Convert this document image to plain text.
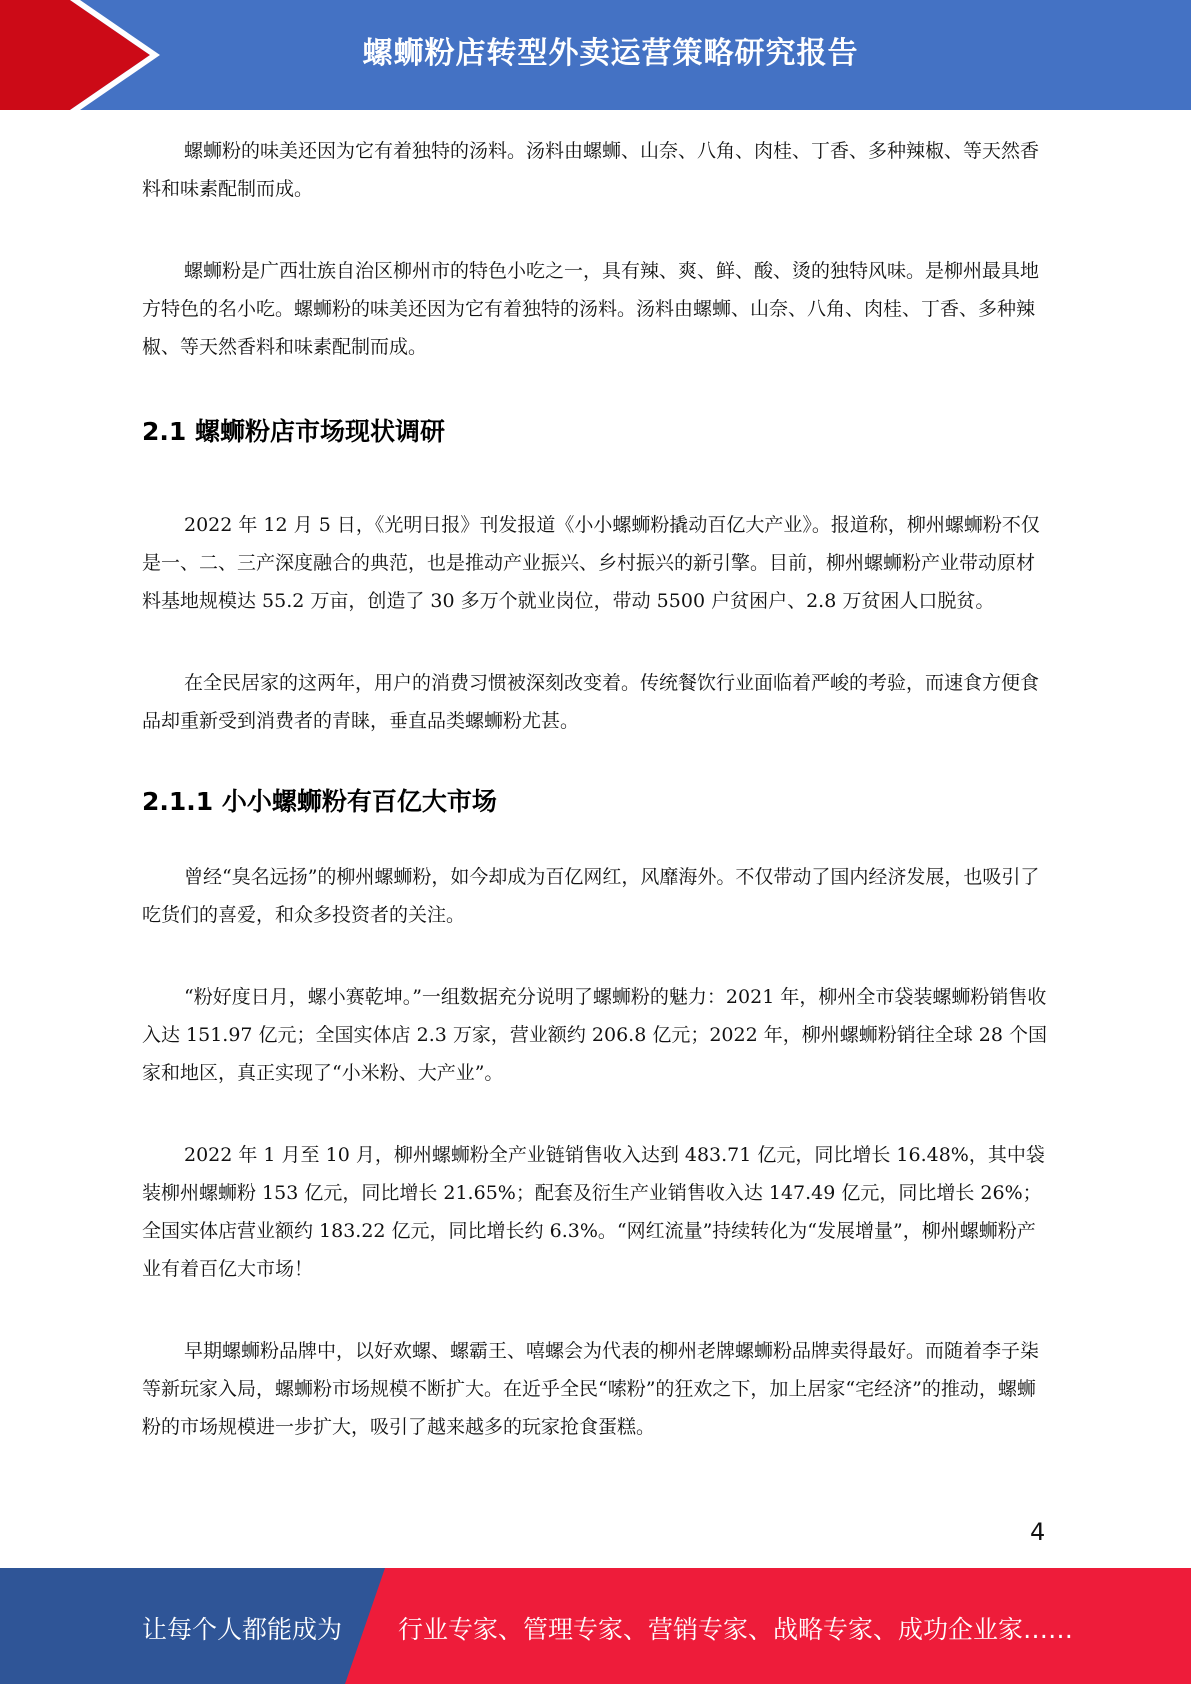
螺蛳粉店转型外卖运营策略研究报告

螺蛳粉的味美还因为它有着独特的汤料。汤料由螺蛳、山奈、八角、肉桂、丁香、多种辣椒、等天然香料和味素配制而成。

螺蛳粉是广西壮族自治区柳州市的特色小吃之一，具有辣、爽、鲜、酸、烫的独特风味。是柳州最具地方特色的名小吃。螺蛳粉的味美还因为它有着独特的汤料。汤料由螺蛳、山奈、八角、肉桂、丁香、多种辣椒、等天然香料和味素配制而成。

2.1 螺蛳粉店市场现状调研

2022 年 12 月 5 日，《光明日报》刊发报道《小小螺蛳粉撬动百亿大产业》。报道称，柳州螺蛳粉不仅是一、二、三产深度融合的典范，也是推动产业振兴、乡村振兴的新引擎。目前，柳州螺蛳粉产业带动原材料基地规模达 55.2 万亩，创造了 30 多万个就业岗位，带动 5500 户贫困户、2.8 万贫困人口脱贫。

在全民居家的这两年，用户的消费习惯被深刻改变着。传统餐饮行业面临着严峻的考验，而速食方便食品却重新受到消费者的青睐，垂直品类螺蛳粉尤甚。

2.1.1 小小螺蛳粉有百亿大市场

曾经“臭名远扬”的柳州螺蛳粉，如今却成为百亿网红，风靡海外。不仅带动了国内经济发展，也吸引了吃货们的喜爱，和众多投资者的关注。

“粉好度日月，螺小赛乾坤。”一组数据充分说明了螺蛳粉的魅力：2021 年，柳州全市袋装螺蛳粉销售收入达 151.97 亿元；全国实体店 2.3 万家，营业额约 206.8 亿元；2022 年，柳州螺蛳粉销往全球 28 个国家和地区，真正实现了“小米粉、大产业”。

2022 年 1 月至 10 月，柳州螺蛳粉全产业链销售收入达到 483.71 亿元，同比增长 16.48%，其中袋装柳州螺蛳粉 153 亿元，同比增长 21.65%；配套及衍生产业销售收入达 147.49 亿元，同比增长 26%；全国实体店营业额约 183.22 亿元，同比增长约 6.3%。“网红流量”持续转化为“发展增量”，柳州螺蛳粉产业有着百亿大市场！

早期螺蛳粉品牌中，以好欢螺、螺霸王、嘻螺会为代表的柳州老牌螺蛳粉品牌卖得最好。而随着李子柒等新玩家入局，螺蛳粉市场规模不断扩大。在近乎全民“嗦粉”的狂欢之下，加上居家“宅经济”的推动，螺蛳粉的市场规模进一步扩大，吸引了越来越多的玩家抢食蛋糕。

4
让每个人都能成为 行业专家、管理专家、营销专家、战略专家、成功企业家……
